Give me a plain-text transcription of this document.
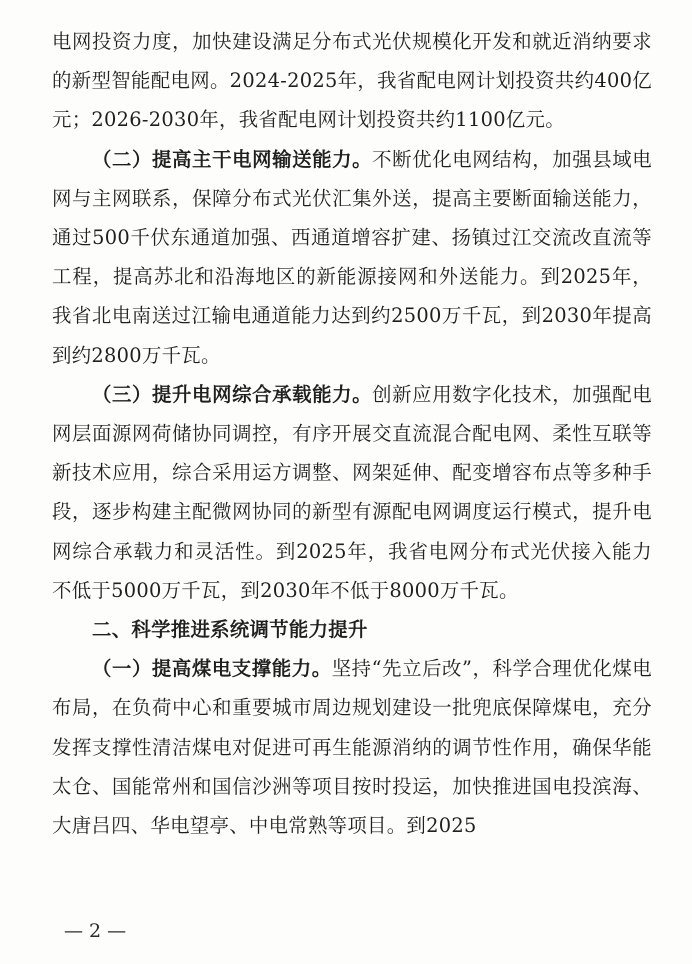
电网投资力度，加快建设满足分布式光伏规模化开发和就近消纳要求的新型智能配电网。2024-2025年，我省配电网计划投资共约400亿元；2026-2030年，我省配电网计划投资共约1100亿元。

（二）提高主干电网输送能力。不断优化电网结构，加强县域电网与主网联系，保障分布式光伏汇集外送，提高主要断面输送能力，通过500千伏东通道加强、西通道增容扩建、扬镇过江交流改直流等工程，提高苏北和沿海地区的新能源接网和外送能力。到2025年，我省北电南送过江输电通道能力达到约2500万千瓦，到2030年提高到约2800万千瓦。

（三）提升电网综合承载能力。创新应用数字化技术，加强配电网层面源网荷储协同调控，有序开展交直流混合配电网、柔性互联等新技术应用，综合采用运方调整、网架延伸、配变增容布点等多种手段，逐步构建主配微网协同的新型有源配电网调度运行模式，提升电网综合承载力和灵活性。到2025年，我省电网分布式光伏接入能力不低于5000万千瓦，到2030年不低于8000万千瓦。

二、科学推进系统调节能力提升

（一）提高煤电支撑能力。坚持“先立后改”，科学合理优化煤电布局，在负荷中心和重要城市周边规划建设一批兜底保障煤电，充分发挥支撑性清洁煤电对促进可再生能源消纳的调节性作用，确保华能太仓、国能常州和国信沙洲等项目按时投运，加快推进国电投滨海、大唐吕四、华电望亭、中电常熟等项目。到2025

— 2 —
